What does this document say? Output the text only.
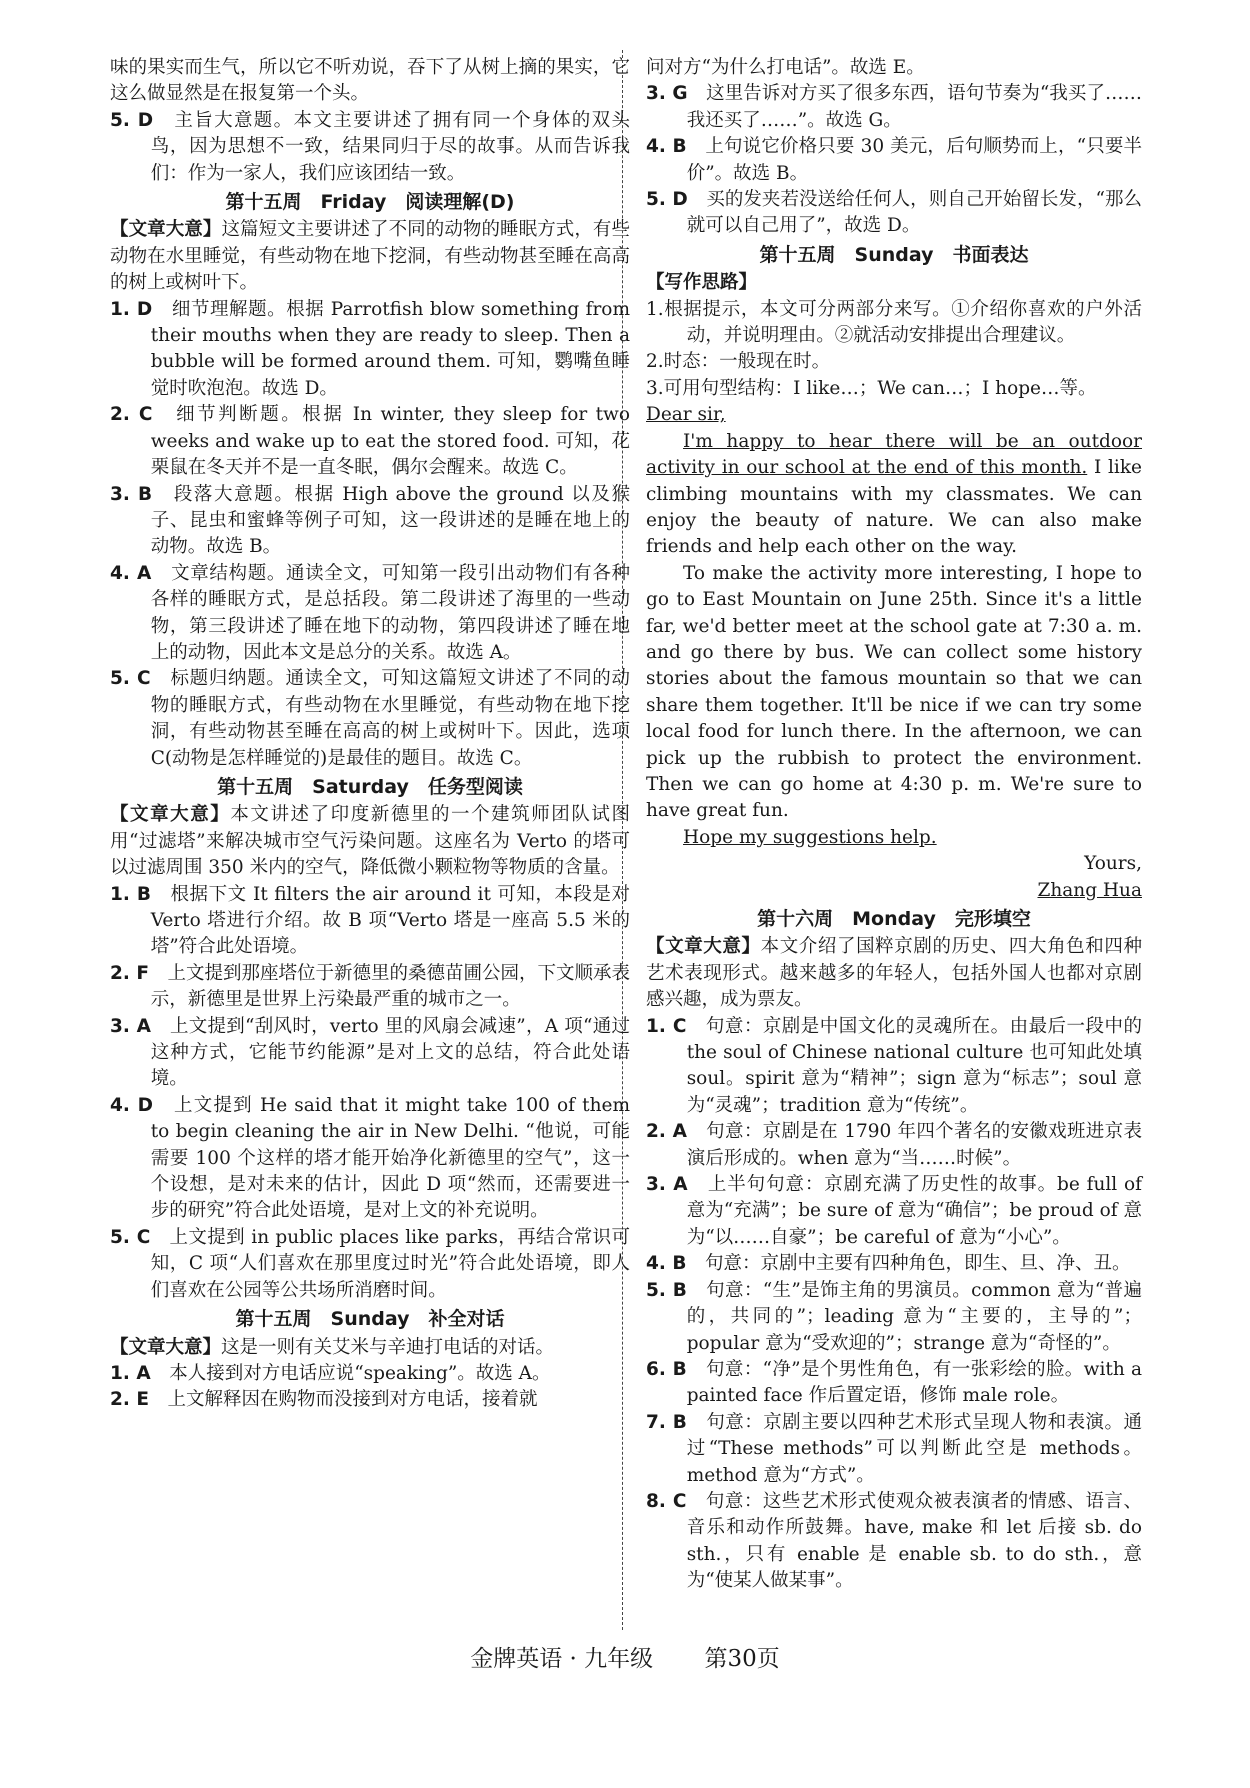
味的果实而生气，所以它不听劝说，吞下了从树上摘的果实，它这么做显然是在报复第一个头。

5. D　 主旨大意题。本文主要讲述了拥有同一个身体的双头鸟，因为思想不一致，结果同归于尽的故事。从而告诉我们：作为一家人，我们应该团结一致。

第十五周　Friday　阅读理解(D)

【文章大意】这篇短文主要讲述了不同的动物的睡眠方式，有些动物在水里睡觉，有些动物在地下挖洞，有些动物甚至睡在高高的树上或树叶下。

1. D　 细节理解题。根据 Parrotfish blow something from their mouths when they are ready to sleep. Then a bubble will be formed around them. 可知，鹦嘴鱼睡觉时吹泡泡。故选 D。

2. C　 细节判断题。根据 In winter, they sleep for two weeks and wake up to eat the stored food. 可知，花栗鼠在冬天并不是一直冬眠，偶尔会醒来。故选 C。

3. B　 段落大意题。根据 High above the ground 以及猴子、昆虫和蜜蜂等例子可知，这一段讲述的是睡在地上的动物。故选 B。

4. A　 文章结构题。通读全文，可知第一段引出动物们有各种各样的睡眠方式，是总括段。第二段讲述了海里的一些动物，第三段讲述了睡在地下的动物，第四段讲述了睡在地上的动物，因此本文是总分的关系。故选 A。

5. C　 标题归纳题。通读全文，可知这篇短文讲述了不同的动物的睡眠方式，有些动物在水里睡觉，有些动物在地下挖洞，有些动物甚至睡在高高的树上或树叶下。因此，选项 C(动物是怎样睡觉的)是最佳的题目。故选 C。

第十五周　Saturday　任务型阅读

【文章大意】本文讲述了印度新德里的一个建筑师团队试图用“过滤塔”来解决城市空气污染问题。这座名为 Verto 的塔可以过滤周围 350 米内的空气，降低微小颗粒物等物质的含量。

1. B　 根据下文 It filters the air around it 可知，本段是对 Verto 塔进行介绍。故 B 项“Verto 塔是一座高 5.5 米的塔”符合此处语境。

2. F　 上文提到那座塔位于新德里的桑德苗圃公园，下文顺承表示，新德里是世界上污染最严重的城市之一。

3. A　 上文提到“刮风时，verto 里的风扇会减速”，A 项“通过这种方式，它能节约能源”是对上文的总结，符合此处语境。

4. D　 上文提到 He said that it might take 100 of them to begin cleaning the air in New Delhi. “他说，可能需要 100 个这样的塔才能开始净化新德里的空气”，这一个设想，是对未来的估计，因此 D 项“然而，还需要进一步的研究”符合此处语境，是对上文的补充说明。

5. C　 上文提到 in public places like parks，再结合常识可知，C 项“人们喜欢在那里度过时光”符合此处语境，即人们喜欢在公园等公共场所消磨时间。

第十五周　Sunday　补全对话

【文章大意】这是一则有关艾米与辛迪打电话的对话。

1. A　 本人接到对方电话应说“speaking”。故选 A。

2. E　 上文解释因在购物而没接到对方电话，接着就

问对方“为什么打电话”。故选 E。

3. G　 这里告诉对方买了很多东西，语句节奏为“我买了……我还买了……”。故选 G。

4. B　 上句说它价格只要 30 美元，后句顺势而上，“只要半价”。故选 B。

5. D　 买的发夹若没送给任何人，则自己开始留长发，“那么就可以自己用了”，故选 D。

第十五周　Sunday　书面表达

【写作思路】

1.根据提示，本文可分两部分来写。①介绍你喜欢的户外活动，并说明理由。②就活动安排提出合理建议。

2.时态：一般现在时。

3.可用句型结构：I like…；We can…；I hope…等。

Dear sir,

I'm happy to hear there will be an outdoor activity in our school at the end of this month. I like climbing mountains with my classmates. We can enjoy the beauty of nature. We can also make friends and help each other on the way.

To make the activity more interesting, I hope to go to East Mountain on June 25th. Since it's a little far, we'd better meet at the school gate at 7:30 a. m. and go there by bus. We can collect some history stories about the famous mountain so that we can share them together. It'll be nice if we can try some local food for lunch there. In the afternoon, we can pick up the rubbish to protect the environment. Then we can go home at 4:30 p. m. We're sure to have great fun.

Hope my suggestions help.

Yours,

Zhang Hua

第十六周　Monday　完形填空

【文章大意】本文介绍了国粹京剧的历史、四大角色和四种艺术表现形式。越来越多的年轻人，包括外国人也都对京剧感兴趣，成为票友。

1. C　 句意：京剧是中国文化的灵魂所在。由最后一段中的 the soul of Chinese national culture 也可知此处填 soul。spirit 意为“精神”；sign 意为“标志”；soul 意为“灵魂”；tradition 意为“传统”。

2. A　 句意：京剧是在 1790 年四个著名的安徽戏班进京表演后形成的。when 意为“当……时候”。

3. A　 上半句句意：京剧充满了历史性的故事。be full of 意为“充满”；be sure of 意为“确信”；be proud of 意为“以……自豪”；be careful of 意为“小心”。

4. B　 句意：京剧中主要有四种角色，即生、旦、净、丑。

5. B　 句意：“生”是饰主角的男演员。common 意为“普遍的，共同的”；leading 意为“主要的，主导的”；popular 意为“受欢迎的”；strange 意为“奇怪的”。

6. B　 句意：“净”是个男性角色，有一张彩绘的脸。with a painted face 作后置定语，修饰 male role。

7. B　 句意：京剧主要以四种艺术形式呈现人物和表演。通过“These methods”可以判断此空是 methods。method 意为“方式”。

8. C　 句意：这些艺术形式使观众被表演者的情感、语言、音乐和动作所鼓舞。have, make 和 let 后接 sb. do sth.，只有 enable 是 enable sb. to do sth.，意为“使某人做某事”。

金牌英语 · 九年级 第30页
